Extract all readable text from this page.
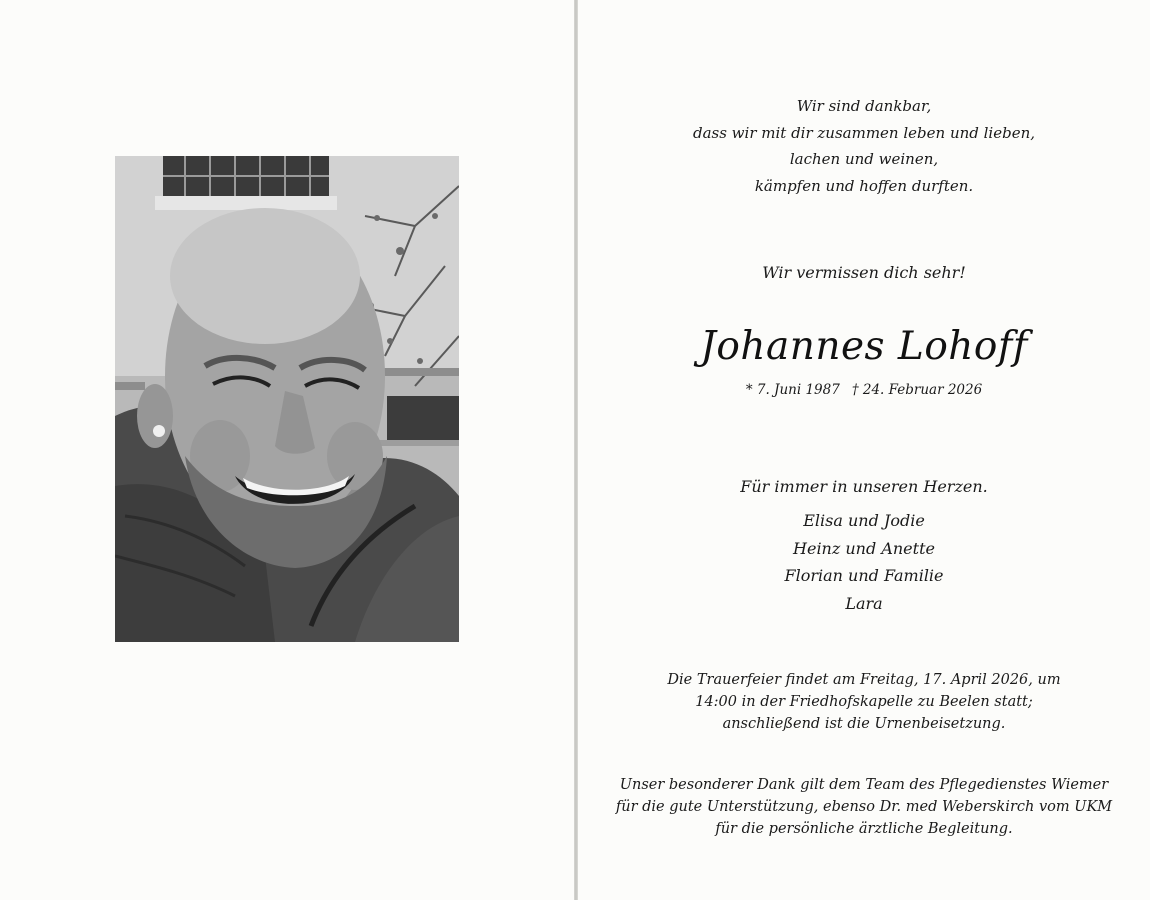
Wir sind dankbar,
dass wir mit dir zusammen leben und lieben,
lachen und weinen,
kämpfen und hoffen durften.
Wir vermissen dich sehr!
Johannes Lohoff
* 7. Juni 1987 † 24. Februar 2026
Für immer in unseren Herzen.
Elisa und Jodie
Heinz und Anette
Florian und Familie
Lara
Die Trauerfeier findet am Freitag, 17. April 2026, um
14:00 in der Friedhofskapelle zu Beelen statt;
anschließend ist die Urnenbeisetzung.
Unser besonderer Dank gilt dem Team des Pflegedienstes Wiemer
für die gute Unterstützung, ebenso Dr. med Weberskirch vom UKM
für die persönliche ärztliche Begleitung.
